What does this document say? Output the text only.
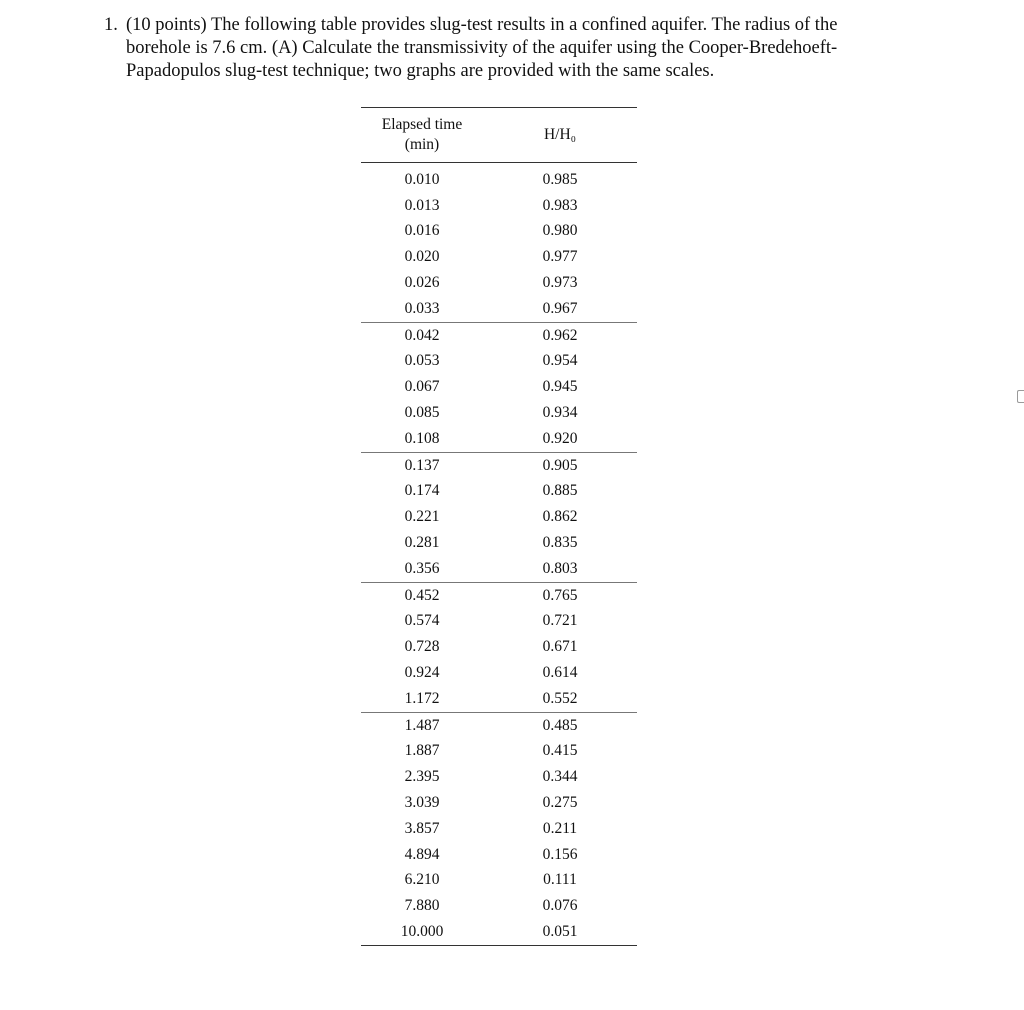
1. (10 points) The following table provides slug-test results in a confined aquifer. The radius of the borehole is 7.6 cm. (A) Calculate the transmissivity of the aquifer using the Cooper-Bredehoeft-Papadopulos slug-test technique; two graphs are provided with the same scales.
Elapsed time
(min)	H/H₀
0.010	0.985
0.013	0.983
0.016	0.980
0.020	0.977
0.026	0.973
0.033	0.967
0.042	0.962
0.053	0.954
0.067	0.945
0.085	0.934
0.108	0.920
0.137	0.905
0.174	0.885
0.221	0.862
0.281	0.835
0.356	0.803
0.452	0.765
0.574	0.721
0.728	0.671
0.924	0.614
1.172	0.552
1.487	0.485
1.887	0.415
2.395	0.344
3.039	0.275
3.857	0.211
4.894	0.156
6.210	0.111
7.880	0.076
10.000	0.051
